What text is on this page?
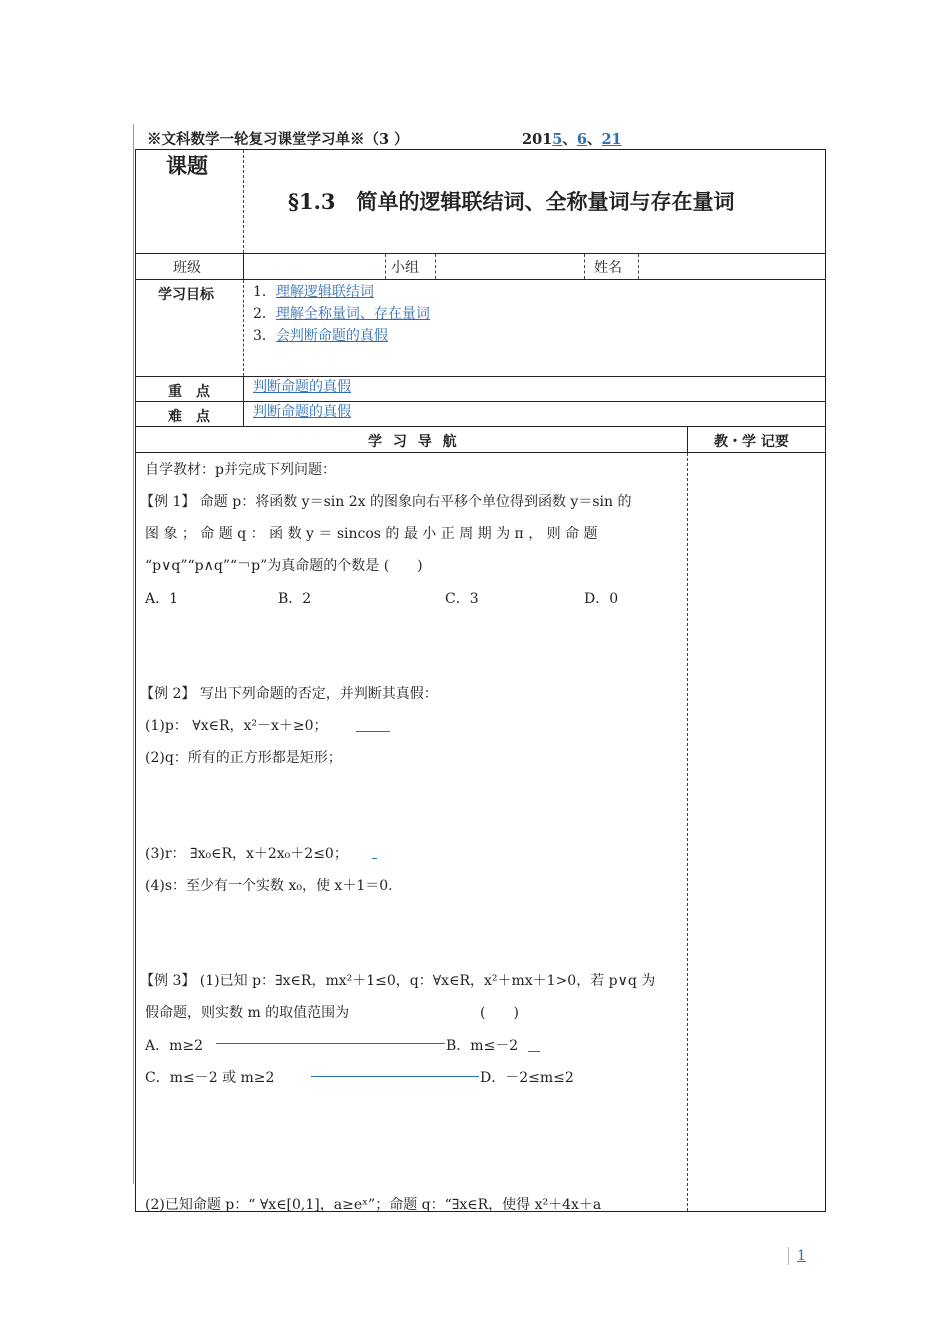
※文科数学一轮复习课堂学习单※（3 ）	2015、6、21
课题
§1.3　简单的逻辑联结词、全称量词与存在量词
班级	小组	姓名
学习目标	1．理解逻辑联结词
2．理解全称量词、存在量词
3．会判断命题的真假
重　点	判断命题的真假
难　点	判断命题的真假
学 习 导 航	教・学 记要
自学教材：p并完成下列问题：
【例 1】 命题 p：将函数 y＝sin 2x 的图象向右平移个单位得到函数 y＝sin 的
图 象 ； 命 题 q ： 函 数 y ＝ sincos 的 最 小 正 周 期 为 π ， 则 命 题
“p∨q”“p∧q”“￢p”为真命题的个数是 (　　)
A．1	B．2	C．3	D．0
【例 2】 写出下列命题的否定，并判断其真假：
(1)p： ∀x∈R，x²－x＋≥0；
(2)q：所有的正方形都是矩形；
(3)r： ∃x₀∈R，x＋2x₀＋2≤0；
(4)s：至少有一个实数 x₀，使 x＋1＝0.
【例 3】 (1)已知 p：∃x∈R，mx²＋1≤0，q：∀x∈R，x²＋mx＋1>0，若 p∨q 为
假命题，则实数 m 的取值范围为	(　　)
A．m≥2	B．m≤－2
C．m≤－2 或 m≥2	D．－2≤m≤2
(2)已知命题 p：“ ∀x∈[0,1]，a≥eˣ”；命题 q：“∃x∈R，使得 x²＋4x＋a
1
